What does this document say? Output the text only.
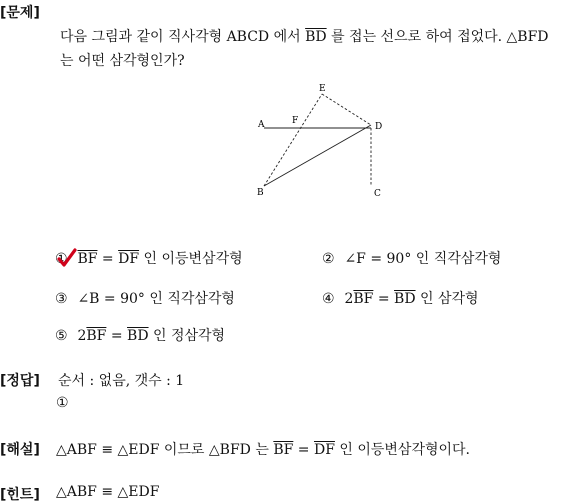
[문제]
다음 그림과 같이 직사각형 ABCD 에서 $\overline{BD}$ 를 접는 선으로 하여 접었다. △BFD
는 어떤 삼각형인가?
A
B	C
D
E
F
① $\overline{BF} = \overline{DF}$ 인 이등변삼각형	② ∠F = 90° 인 직각삼각형
③ ∠B = 90° 인 직각삼각형	④ $2\overline{BF} = \overline{BD}$ 인 삼각형
⑤ $2\overline{BF} = \overline{BD}$ 인 정삼각형
[정답] 순서 : 없음, 갯수 : 1
①
[해설] △ABF ≡ △EDF 이므로 △BFD 는 $\overline{BF} = \overline{DF}$ 인 이등변삼각형이다.
[힌트] △ABF ≡ △EDF
